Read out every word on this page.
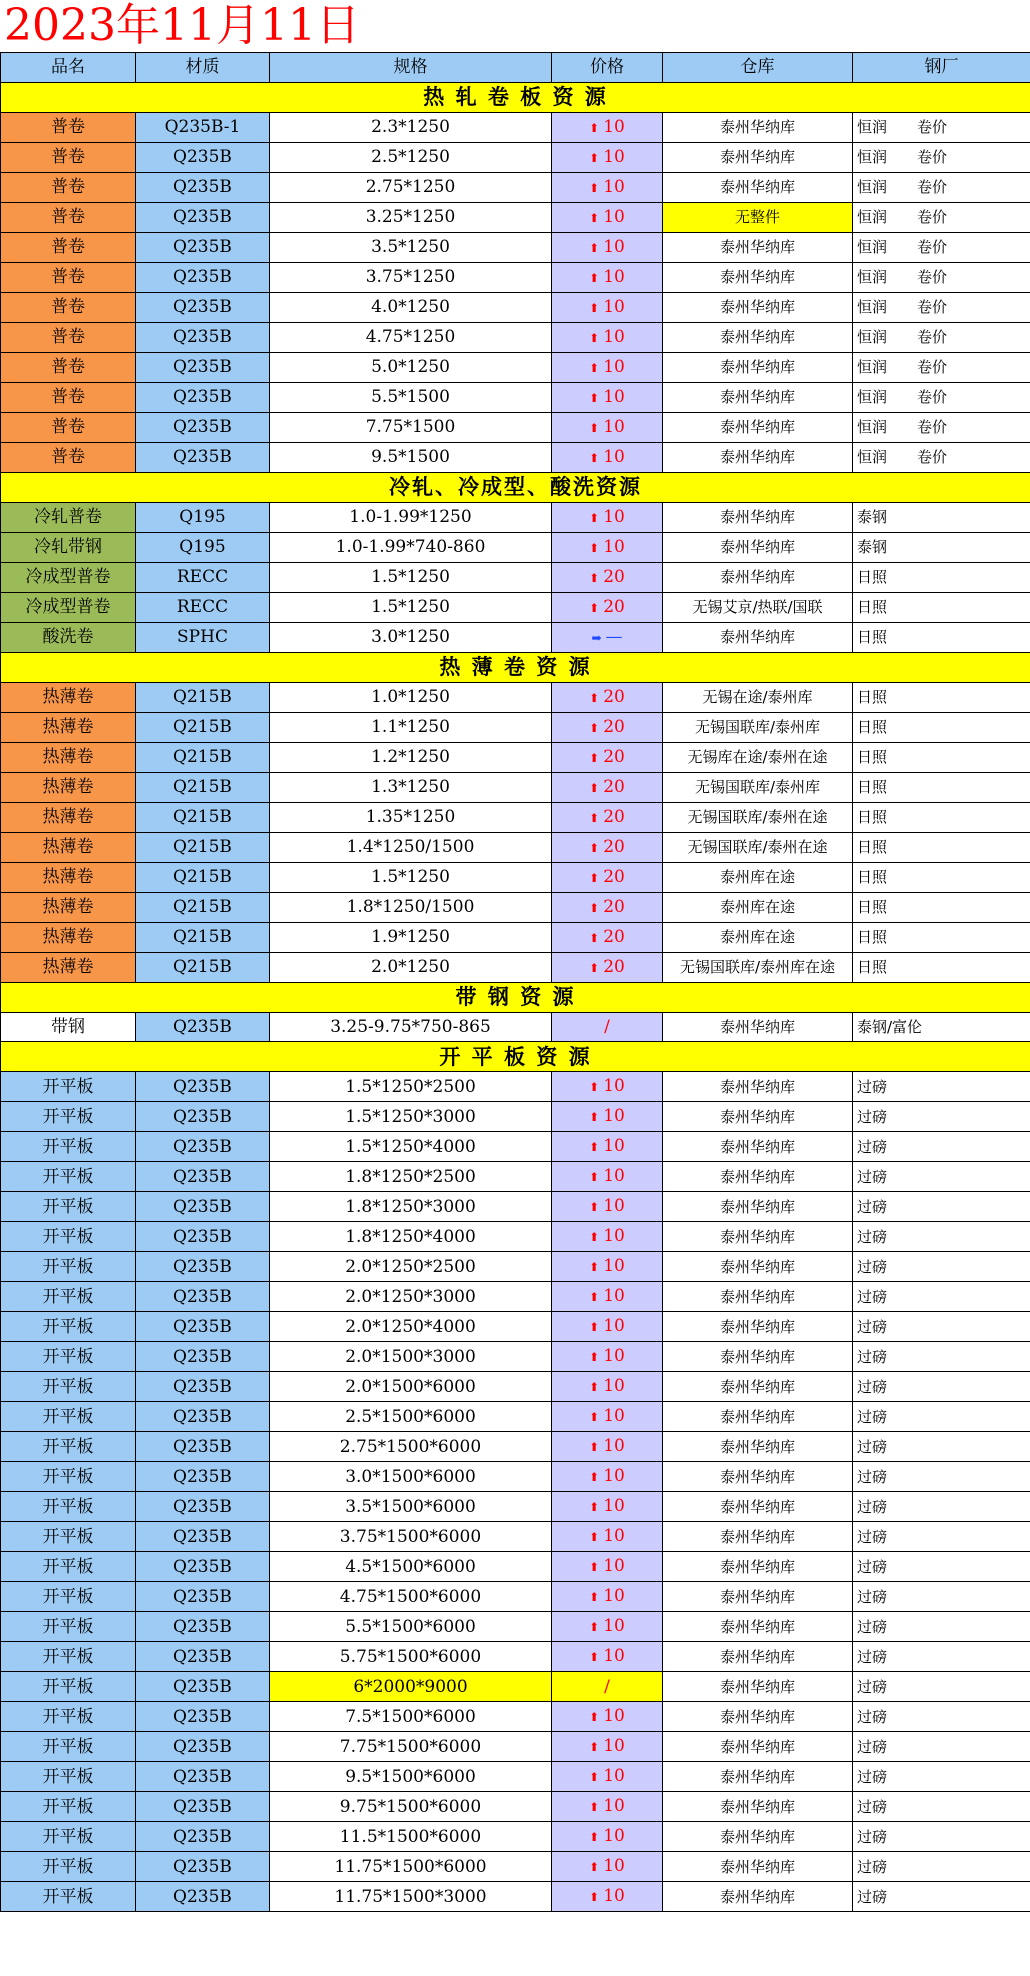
2023年11月11日
品名	材质	规格	价格	仓库	钢厂
热 轧 卷 板 资 源					
普卷	Q235B-1	2.3*1250	⬆ 10	泰州华纳库	恒润 卷价
普卷	Q235B	2.5*1250	⬆ 10	泰州华纳库	恒润 卷价
普卷	Q235B	2.75*1250	⬆ 10	泰州华纳库	恒润 卷价
普卷	Q235B	3.25*1250	⬆ 10	无整件	恒润 卷价
普卷	Q235B	3.5*1250	⬆ 10	泰州华纳库	恒润 卷价
普卷	Q235B	3.75*1250	⬆ 10	泰州华纳库	恒润 卷价
普卷	Q235B	4.0*1250	⬆ 10	泰州华纳库	恒润 卷价
普卷	Q235B	4.75*1250	⬆ 10	泰州华纳库	恒润 卷价
普卷	Q235B	5.0*1250	⬆ 10	泰州华纳库	恒润 卷价
普卷	Q235B	5.5*1500	⬆ 10	泰州华纳库	恒润 卷价
普卷	Q235B	7.75*1500	⬆ 10	泰州华纳库	恒润 卷价
普卷	Q235B	9.5*1500	⬆ 10	泰州华纳库	恒润 卷价
冷轧、冷成型、酸洗资源					
冷轧普卷	Q195	1.0-1.99*1250	⬆ 10	泰州华纳库	泰钢
冷轧带钢	Q195	1.0-1.99*740-860	⬆ 10	泰州华纳库	泰钢
冷成型普卷	RECC	1.5*1250	⬆ 20	泰州华纳库	日照
冷成型普卷	RECC	1.5*1250	⬆ 20	无锡艾京/热联/国联	日照
酸洗卷	SPHC	3.0*1250	➡ —	泰州华纳库	日照
热 薄 卷 资 源					
热薄卷	Q215B	1.0*1250	⬆ 20	无锡在途/泰州库	日照
热薄卷	Q215B	1.1*1250	⬆ 20	无锡国联库/泰州库	日照
热薄卷	Q215B	1.2*1250	⬆ 20	无锡库在途/泰州在途	日照
热薄卷	Q215B	1.3*1250	⬆ 20	无锡国联库/泰州库	日照
热薄卷	Q215B	1.35*1250	⬆ 20	无锡国联库/泰州在途	日照
热薄卷	Q215B	1.4*1250/1500	⬆ 20	无锡国联库/泰州在途	日照
热薄卷	Q215B	1.5*1250	⬆ 20	泰州库在途	日照
热薄卷	Q215B	1.8*1250/1500	⬆ 20	泰州库在途	日照
热薄卷	Q215B	1.9*1250	⬆ 20	泰州库在途	日照
热薄卷	Q215B	2.0*1250	⬆ 20	无锡国联库/泰州库在途	日照
带 钢 资 源					
带钢	Q235B	3.25-9.75*750-865	/	泰州华纳库	泰钢/富伦
开 平 板 资 源					
开平板	Q235B	1.5*1250*2500	⬆ 10	泰州华纳库	过磅
开平板	Q235B	1.5*1250*3000	⬆ 10	泰州华纳库	过磅
开平板	Q235B	1.5*1250*4000	⬆ 10	泰州华纳库	过磅
开平板	Q235B	1.8*1250*2500	⬆ 10	泰州华纳库	过磅
开平板	Q235B	1.8*1250*3000	⬆ 10	泰州华纳库	过磅
开平板	Q235B	1.8*1250*4000	⬆ 10	泰州华纳库	过磅
开平板	Q235B	2.0*1250*2500	⬆ 10	泰州华纳库	过磅
开平板	Q235B	2.0*1250*3000	⬆ 10	泰州华纳库	过磅
开平板	Q235B	2.0*1250*4000	⬆ 10	泰州华纳库	过磅
开平板	Q235B	2.0*1500*3000	⬆ 10	泰州华纳库	过磅
开平板	Q235B	2.0*1500*6000	⬆ 10	泰州华纳库	过磅
开平板	Q235B	2.5*1500*6000	⬆ 10	泰州华纳库	过磅
开平板	Q235B	2.75*1500*6000	⬆ 10	泰州华纳库	过磅
开平板	Q235B	3.0*1500*6000	⬆ 10	泰州华纳库	过磅
开平板	Q235B	3.5*1500*6000	⬆ 10	泰州华纳库	过磅
开平板	Q235B	3.75*1500*6000	⬆ 10	泰州华纳库	过磅
开平板	Q235B	4.5*1500*6000	⬆ 10	泰州华纳库	过磅
开平板	Q235B	4.75*1500*6000	⬆ 10	泰州华纳库	过磅
开平板	Q235B	5.5*1500*6000	⬆ 10	泰州华纳库	过磅
开平板	Q235B	5.75*1500*6000	⬆ 10	泰州华纳库	过磅
开平板	Q235B	6*2000*9000	/	泰州华纳库	过磅
开平板	Q235B	7.5*1500*6000	⬆ 10	泰州华纳库	过磅
开平板	Q235B	7.75*1500*6000	⬆ 10	泰州华纳库	过磅
开平板	Q235B	9.5*1500*6000	⬆ 10	泰州华纳库	过磅
开平板	Q235B	9.75*1500*6000	⬆ 10	泰州华纳库	过磅
开平板	Q235B	11.5*1500*6000	⬆ 10	泰州华纳库	过磅
开平板	Q235B	11.75*1500*6000	⬆ 10	泰州华纳库	过磅
开平板	Q235B	11.75*1500*3000	⬆ 10	泰州华纳库	过磅
